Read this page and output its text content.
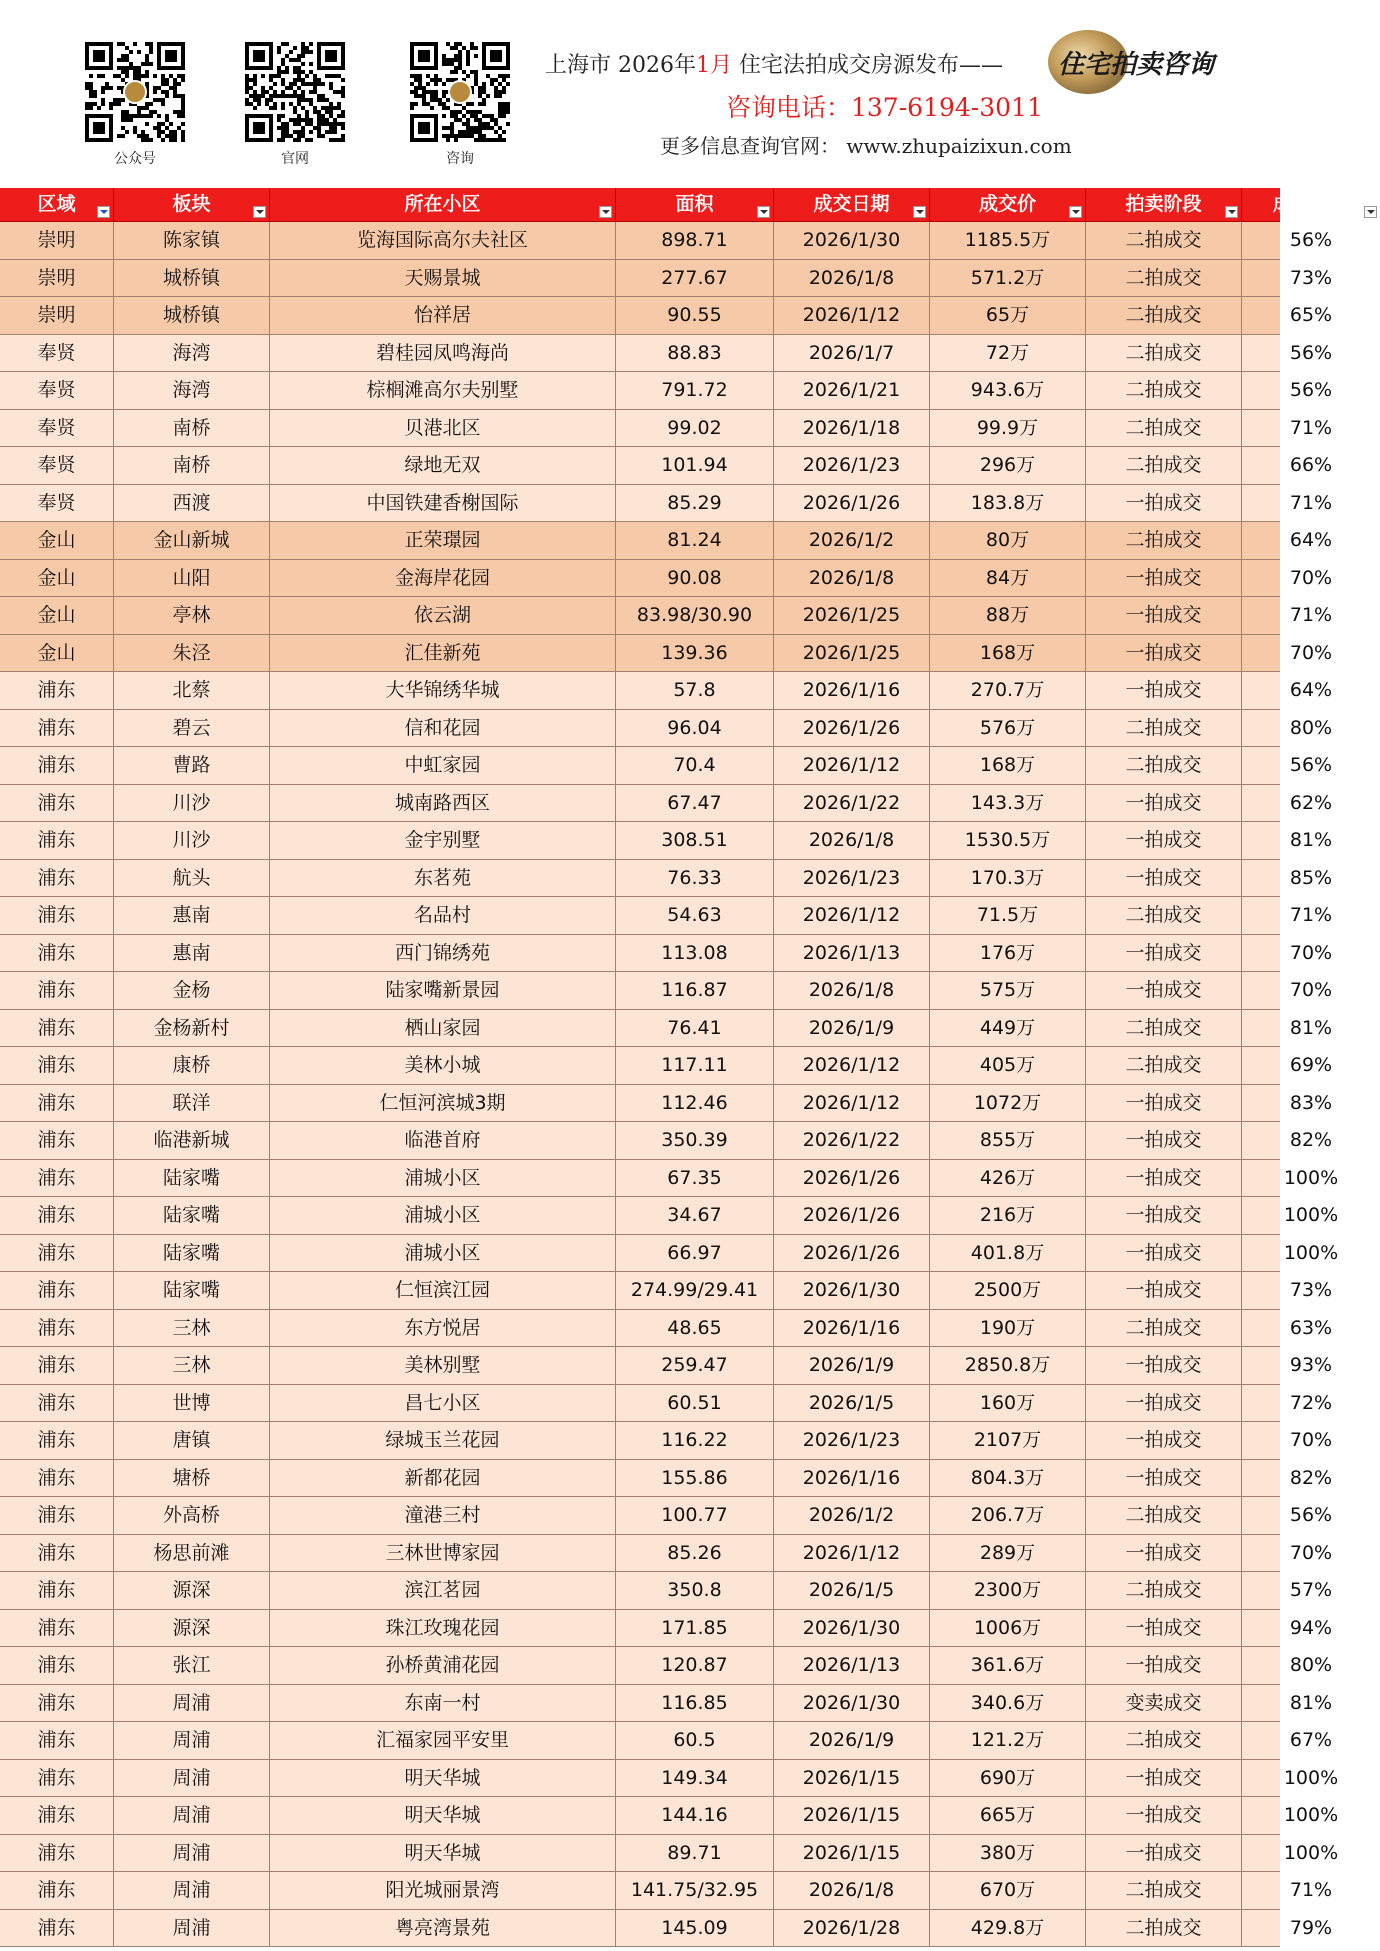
公众号	官网	咨询
上海市 2026年1月 住宅法拍成交房源发布—— 住宅拍卖咨询
咨询电话：137-6194-3011
更多信息查询官网： www.zhupaizixun.com
区域	板块	所在小区	面积	成交日期	成交价	拍卖阶段	成交折扣
崇明	陈家镇	览海国际高尔夫社区	898.71	2026/1/30	1185.5万	二拍成交	56%
崇明	城桥镇	天赐景城	277.67	2026/1/8	571.2万	二拍成交	73%
崇明	城桥镇	怡祥居	90.55	2026/1/12	65万	二拍成交	65%
奉贤	海湾	碧桂园凤鸣海尚	88.83	2026/1/7	72万	二拍成交	56%
奉贤	海湾	棕榈滩高尔夫别墅	791.72	2026/1/21	943.6万	二拍成交	56%
奉贤	南桥	贝港北区	99.02	2026/1/18	99.9万	二拍成交	71%
奉贤	南桥	绿地无双	101.94	2026/1/23	296万	二拍成交	66%
奉贤	西渡	中国铁建香榭国际	85.29	2026/1/26	183.8万	一拍成交	71%
金山	金山新城	正荣璟园	81.24	2026/1/2	80万	二拍成交	64%
金山	山阳	金海岸花园	90.08	2026/1/8	84万	一拍成交	70%
金山	亭林	依云湖	83.98/30.90	2026/1/25	88万	一拍成交	71%
金山	朱泾	汇佳新苑	139.36	2026/1/25	168万	一拍成交	70%
浦东	北蔡	大华锦绣华城	57.8	2026/1/16	270.7万	一拍成交	64%
浦东	碧云	信和花园	96.04	2026/1/26	576万	二拍成交	80%
浦东	曹路	中虹家园	70.4	2026/1/12	168万	二拍成交	56%
浦东	川沙	城南路西区	67.47	2026/1/22	143.3万	一拍成交	62%
浦东	川沙	金宇别墅	308.51	2026/1/8	1530.5万	一拍成交	81%
浦东	航头	东茗苑	76.33	2026/1/23	170.3万	一拍成交	85%
浦东	惠南	名品村	54.63	2026/1/12	71.5万	二拍成交	71%
浦东	惠南	西门锦绣苑	113.08	2026/1/13	176万	一拍成交	70%
浦东	金杨	陆家嘴新景园	116.87	2026/1/8	575万	一拍成交	70%
浦东	金杨新村	栖山家园	76.41	2026/1/9	449万	二拍成交	81%
浦东	康桥	美林小城	117.11	2026/1/12	405万	二拍成交	69%
浦东	联洋	仁恒河滨城3期	112.46	2026/1/12	1072万	一拍成交	83%
浦东	临港新城	临港首府	350.39	2026/1/22	855万	一拍成交	82%
浦东	陆家嘴	浦城小区	67.35	2026/1/26	426万	一拍成交	100%
浦东	陆家嘴	浦城小区	34.67	2026/1/26	216万	一拍成交	100%
浦东	陆家嘴	浦城小区	66.97	2026/1/26	401.8万	一拍成交	100%
浦东	陆家嘴	仁恒滨江园	274.99/29.41	2026/1/30	2500万	一拍成交	73%
浦东	三林	东方悦居	48.65	2026/1/16	190万	二拍成交	63%
浦东	三林	美林别墅	259.47	2026/1/9	2850.8万	一拍成交	93%
浦东	世博	昌七小区	60.51	2026/1/5	160万	一拍成交	72%
浦东	唐镇	绿城玉兰花园	116.22	2026/1/23	2107万	一拍成交	70%
浦东	塘桥	新都花园	155.86	2026/1/16	804.3万	一拍成交	82%
浦东	外高桥	潼港三村	100.77	2026/1/2	206.7万	二拍成交	56%
浦东	杨思前滩	三林世博家园	85.26	2026/1/12	289万	一拍成交	70%
浦东	源深	滨江茗园	350.8	2026/1/5	2300万	二拍成交	57%
浦东	源深	珠江玫瑰花园	171.85	2026/1/30	1006万	一拍成交	94%
浦东	张江	孙桥黄浦花园	120.87	2026/1/13	361.6万	一拍成交	80%
浦东	周浦	东南一村	116.85	2026/1/30	340.6万	变卖成交	81%
浦东	周浦	汇福家园平安里	60.5	2026/1/9	121.2万	二拍成交	67%
浦东	周浦	明天华城	149.34	2026/1/15	690万	一拍成交	100%
浦东	周浦	明天华城	144.16	2026/1/15	665万	一拍成交	100%
浦东	周浦	明天华城	89.71	2026/1/15	380万	一拍成交	100%
浦东	周浦	阳光城丽景湾	141.75/32.95	2026/1/8	670万	二拍成交	71%
浦东	周浦	粤亮湾景苑	145.09	2026/1/28	429.8万	二拍成交	79%
